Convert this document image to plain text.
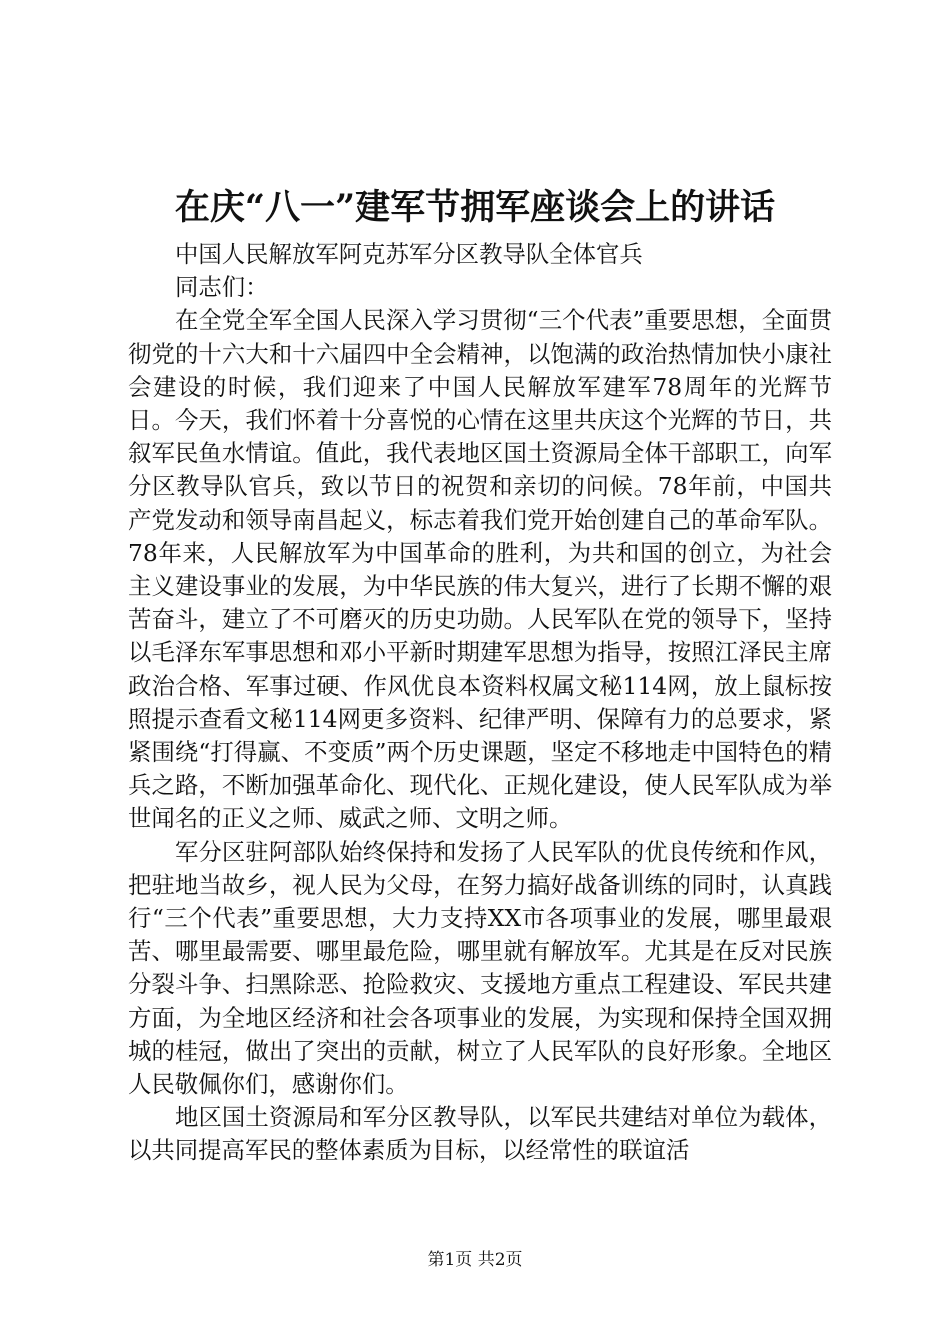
在庆“八一”建军节拥军座谈会上的讲话

中国人民解放军阿克苏军分区教导队全体官兵

同志们：

在全党全军全国人民深入学习贯彻“三个代表”重要思想，全面贯彻党的十六大和十六届四中全会精神，以饱满的政治热情加快小康社会建设的时候，我们迎来了中国人民解放军建军78周年的光辉节日。今天，我们怀着十分喜悦的心情在这里共庆这个光辉的节日，共叙军民鱼水情谊。值此，我代表地区国土资源局全体干部职工，向军分区教导队官兵，致以节日的祝贺和亲切的问候。78年前，中国共产党发动和领导南昌起义，标志着我们党开始创建自己的革命军队。78年来，人民解放军为中国革命的胜利，为共和国的创立，为社会主义建设事业的发展，为中华民族的伟大复兴，进行了长期不懈的艰苦奋斗，建立了不可磨灭的历史功勋。人民军队在党的领导下，坚持以毛泽东军事思想和邓小平新时期建军思想为指导，按照江泽民主席政治合格、军事过硬、作风优良本资料权属文秘114网，放上鼠标按照提示查看文秘114网更多资料、纪律严明、保障有力的总要求，紧紧围绕“打得赢、不变质”两个历史课题，坚定不移地走中国特色的精兵之路，不断加强革命化、现代化、正规化建设，使人民军队成为举世闻名的正义之师、威武之师、文明之师。

军分区驻阿部队始终保持和发扬了人民军队的优良传统和作风，把驻地当故乡，视人民为父母，在努力搞好战备训练的同时，认真践行“三个代表”重要思想，大力支持XX市各项事业的发展，哪里最艰苦、哪里最需要、哪里最危险，哪里就有解放军。尤其是在反对民族分裂斗争、扫黑除恶、抢险救灾、支援地方重点工程建设、军民共建方面，为全地区经济和社会各项事业的发展，为实现和保持全国双拥城的桂冠，做出了突出的贡献，树立了人民军队的良好形象。全地区人民敬佩你们，感谢你们。

地区国土资源局和军分区教导队，以军民共建结对单位为载体，以共同提高军民的整体素质为目标，以经常性的联谊活

第1页 共2页
